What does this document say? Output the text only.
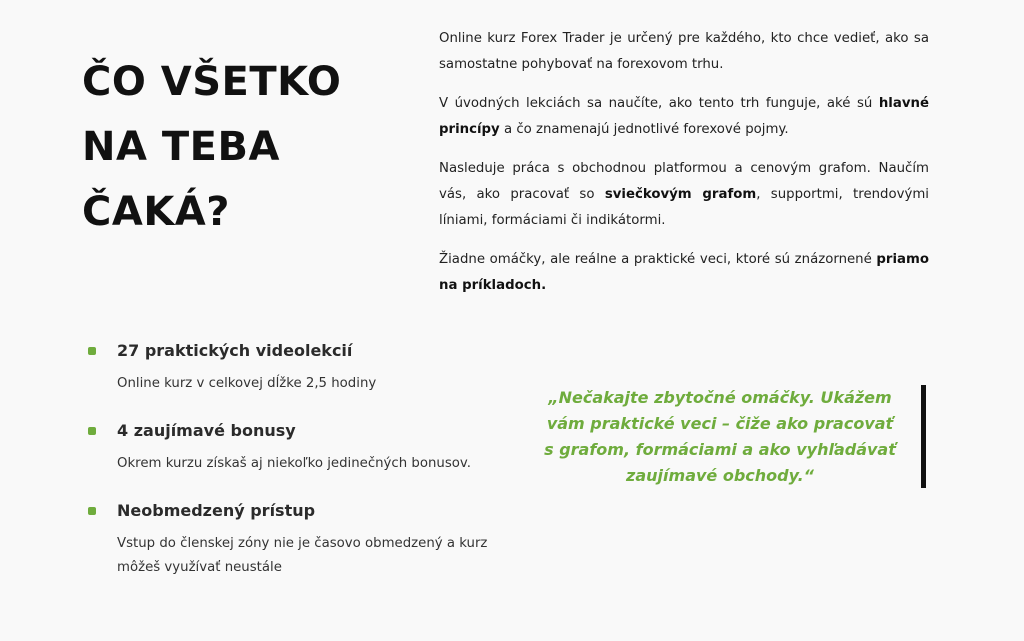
ČO VŠETKO
NA TEBA
ČAKÁ?

Online kurz Forex Trader je určený pre každého, kto chce vedieť, ako sa samostatne pohybovať na forexovom trhu.

V úvodných lekciách sa naučíte, ako tento trh funguje, aké sú hlavné princípy a čo znamenajú jednotlivé forexové pojmy.

Nasleduje práca s obchodnou platformou a cenovým grafom. Naučím vás, ako pracovať so sviečkovým grafom, supportmi, trendovými líniami, formáciami či indikátormi.

Žiadne omáčky, ale reálne a praktické veci, ktoré sú znázornené priamo na príkladoch.

27 praktických videolekcií
Online kurz v celkovej dĺžke 2,5 hodiny
4 zaujímavé bonusy
Okrem kurzu získaš aj niekoľko jedinečných bonusov.
Neobmedzený prístup
Vstup do členskej zóny nie je časovo obmedzený a kurz môžeš využívať neustále
„Nečakajte zbytočné omáčky. Ukážem vám praktické veci – čiže ako pracovať s grafom, formáciami a ako vyhľadávať zaujímavé obchody.“
